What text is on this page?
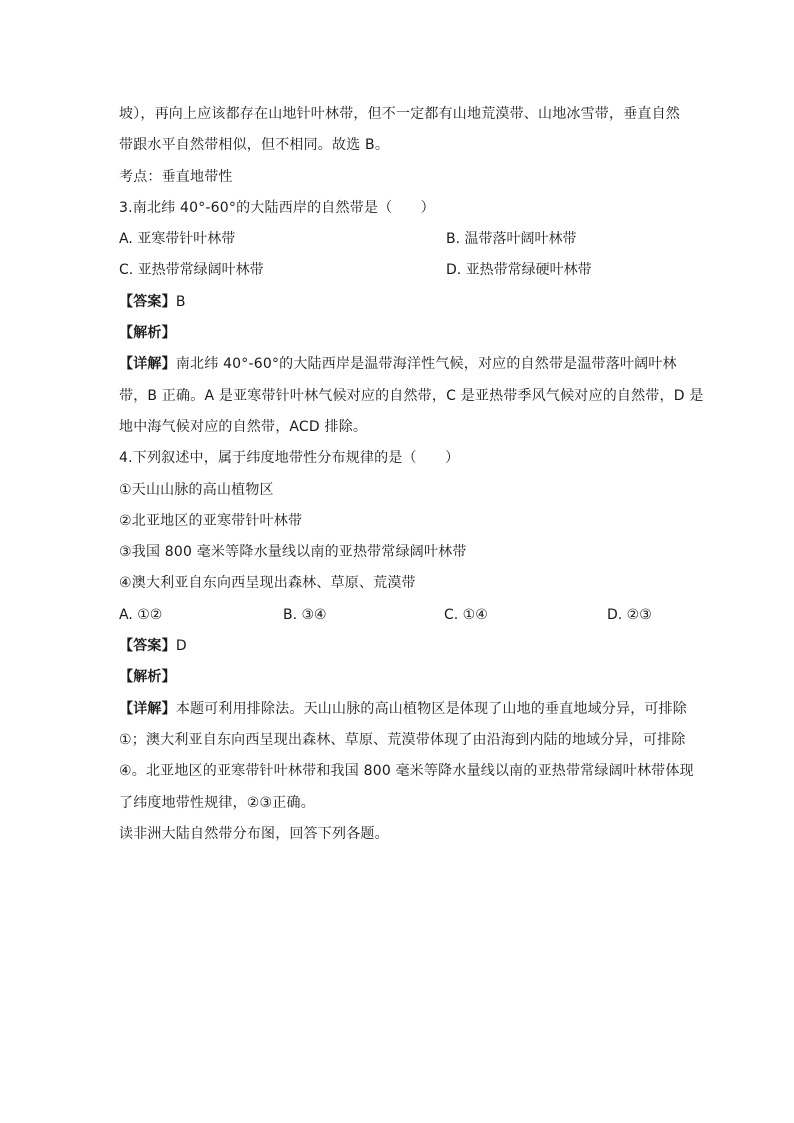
坡），再向上应该都存在山地针叶林带，但不一定都有山地荒漠带、山地冰雪带，垂直自然
带跟水平自然带相似，但不相同。故选 B。
考点：垂直地带性
3.南北纬 40°-60°的大陆西岸的自然带是（　　）
A. 亚寒带针叶林带	B. 温带落叶阔叶林带
C. 亚热带常绿阔叶林带	D. 亚热带常绿硬叶林带
【答案】B
【解析】
【详解】南北纬 40°-60°的大陆西岸是温带海洋性气候，对应的自然带是温带落叶阔叶林
带，B 正确。A 是亚寒带针叶林气候对应的自然带，C 是亚热带季风气候对应的自然带，D 是
地中海气候对应的自然带，ACD 排除。
4.下列叙述中，属于纬度地带性分布规律的是（　　）
①天山山脉的高山植物区
②北亚地区的亚寒带针叶林带
③我国 800 毫米等降水量线以南的亚热带常绿阔叶林带
④澳大利亚自东向西呈现出森林、草原、荒漠带
A. ①②	B. ③④	C. ①④	D. ②③
【答案】D
【解析】
【详解】本题可利用排除法。天山山脉的高山植物区是体现了山地的垂直地域分异，可排除
①；澳大利亚自东向西呈现出森林、草原、荒漠带体现了由沿海到内陆的地域分异，可排除
④。北亚地区的亚寒带针叶林带和我国 800 毫米等降水量线以南的亚热带常绿阔叶林带体现
了纬度地带性规律，②③正确。
读非洲大陆自然带分布图，回答下列各题。
